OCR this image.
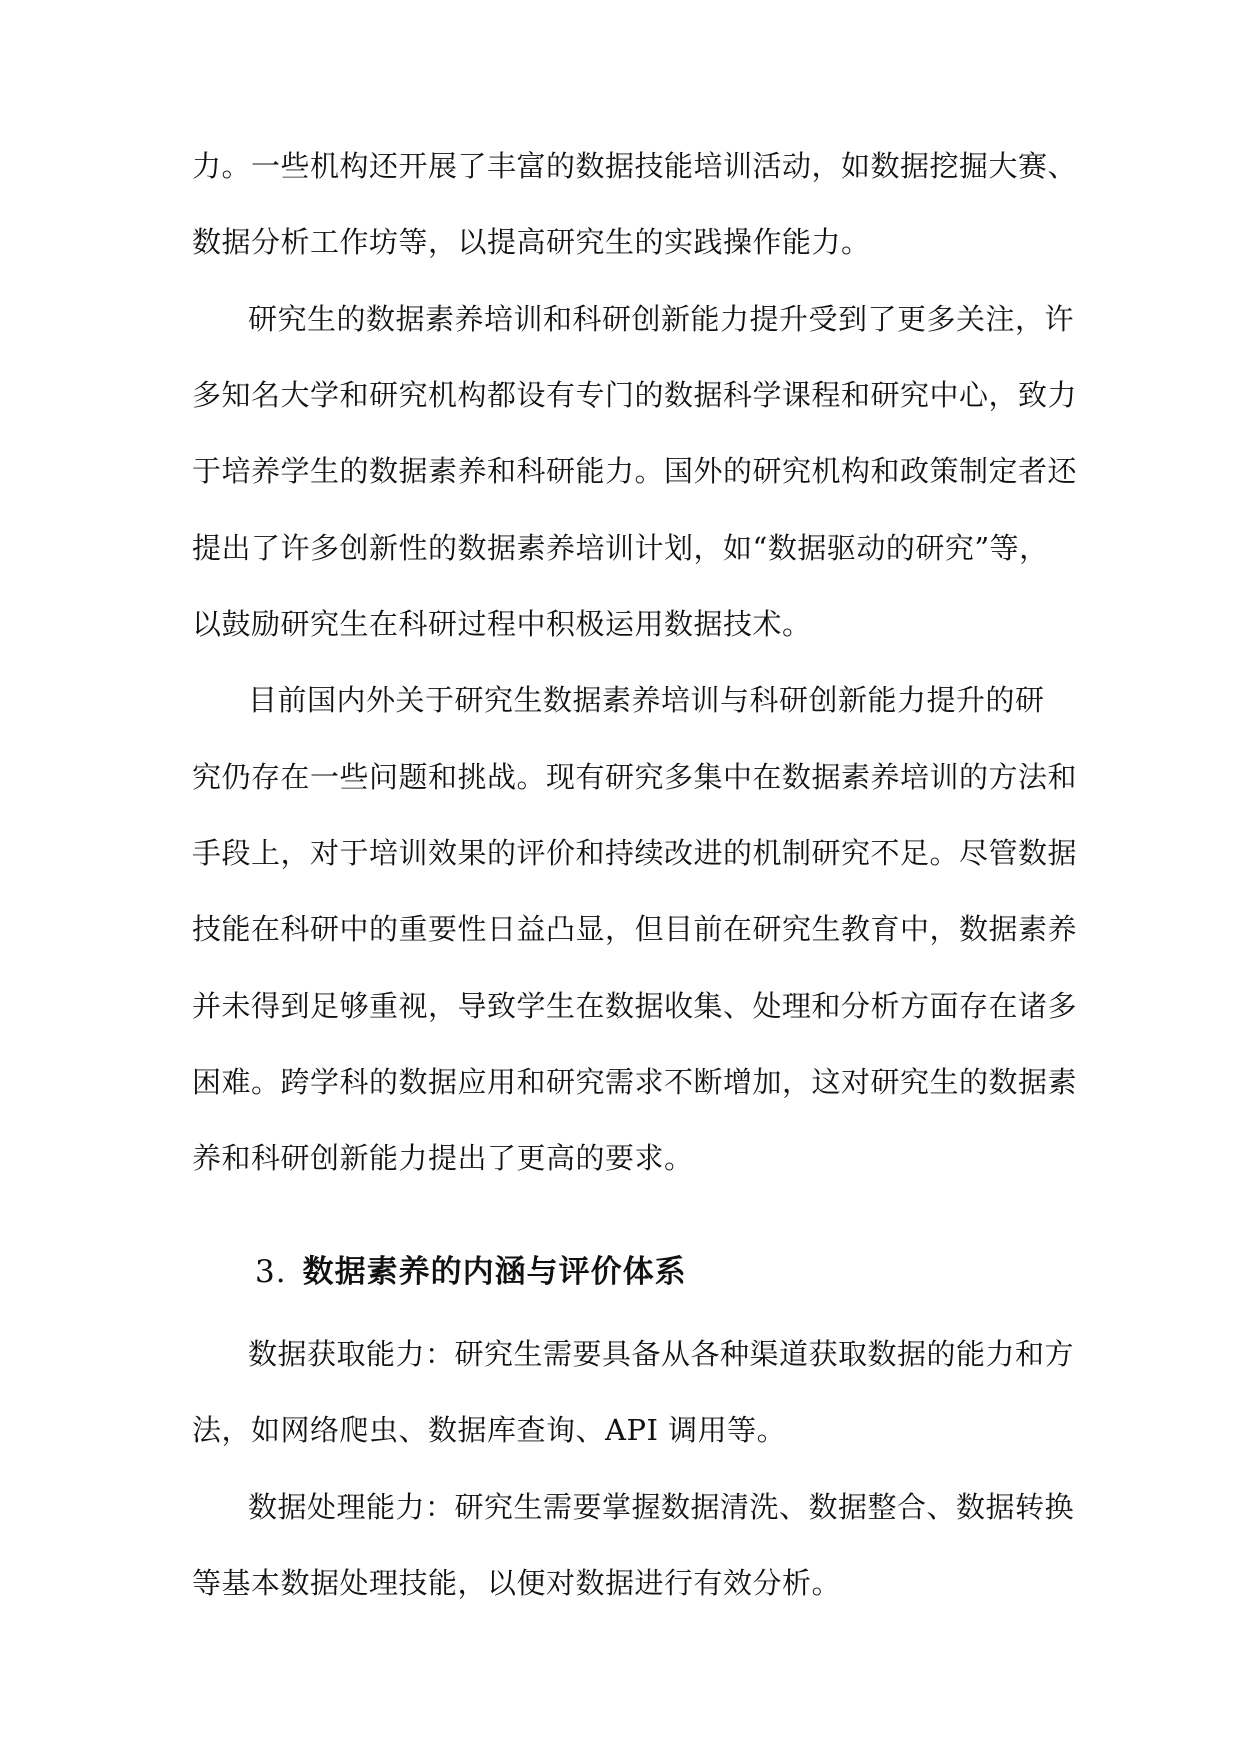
力。一些机构还开展了丰富的数据技能培训活动，如数据挖掘大赛、
数据分析工作坊等，以提高研究生的实践操作能力。
研究生的数据素养培训和科研创新能力提升受到了更多关注，许
多知名大学和研究机构都设有专门的数据科学课程和研究中心，致力
于培养学生的数据素养和科研能力。国外的研究机构和政策制定者还
提出了许多创新性的数据素养培训计划，如“数据驱动的研究”等，
以鼓励研究生在科研过程中积极运用数据技术。
目前国内外关于研究生数据素养培训与科研创新能力提升的研
究仍存在一些问题和挑战。现有研究多集中在数据素养培训的方法和
手段上，对于培训效果的评价和持续改进的机制研究不足。尽管数据
技能在科研中的重要性日益凸显，但目前在研究生教育中，数据素养
并未得到足够重视，导致学生在数据收集、处理和分析方面存在诸多
困难。跨学科的数据应用和研究需求不断增加，这对研究生的数据素
养和科研创新能力提出了更高的要求。
3. 数据素养的内涵与评价体系
数据获取能力：研究生需要具备从各种渠道获取数据的能力和方
法，如网络爬虫、数据库查询、API 调用等。
数据处理能力：研究生需要掌握数据清洗、数据整合、数据转换
等基本数据处理技能，以便对数据进行有效分析。
